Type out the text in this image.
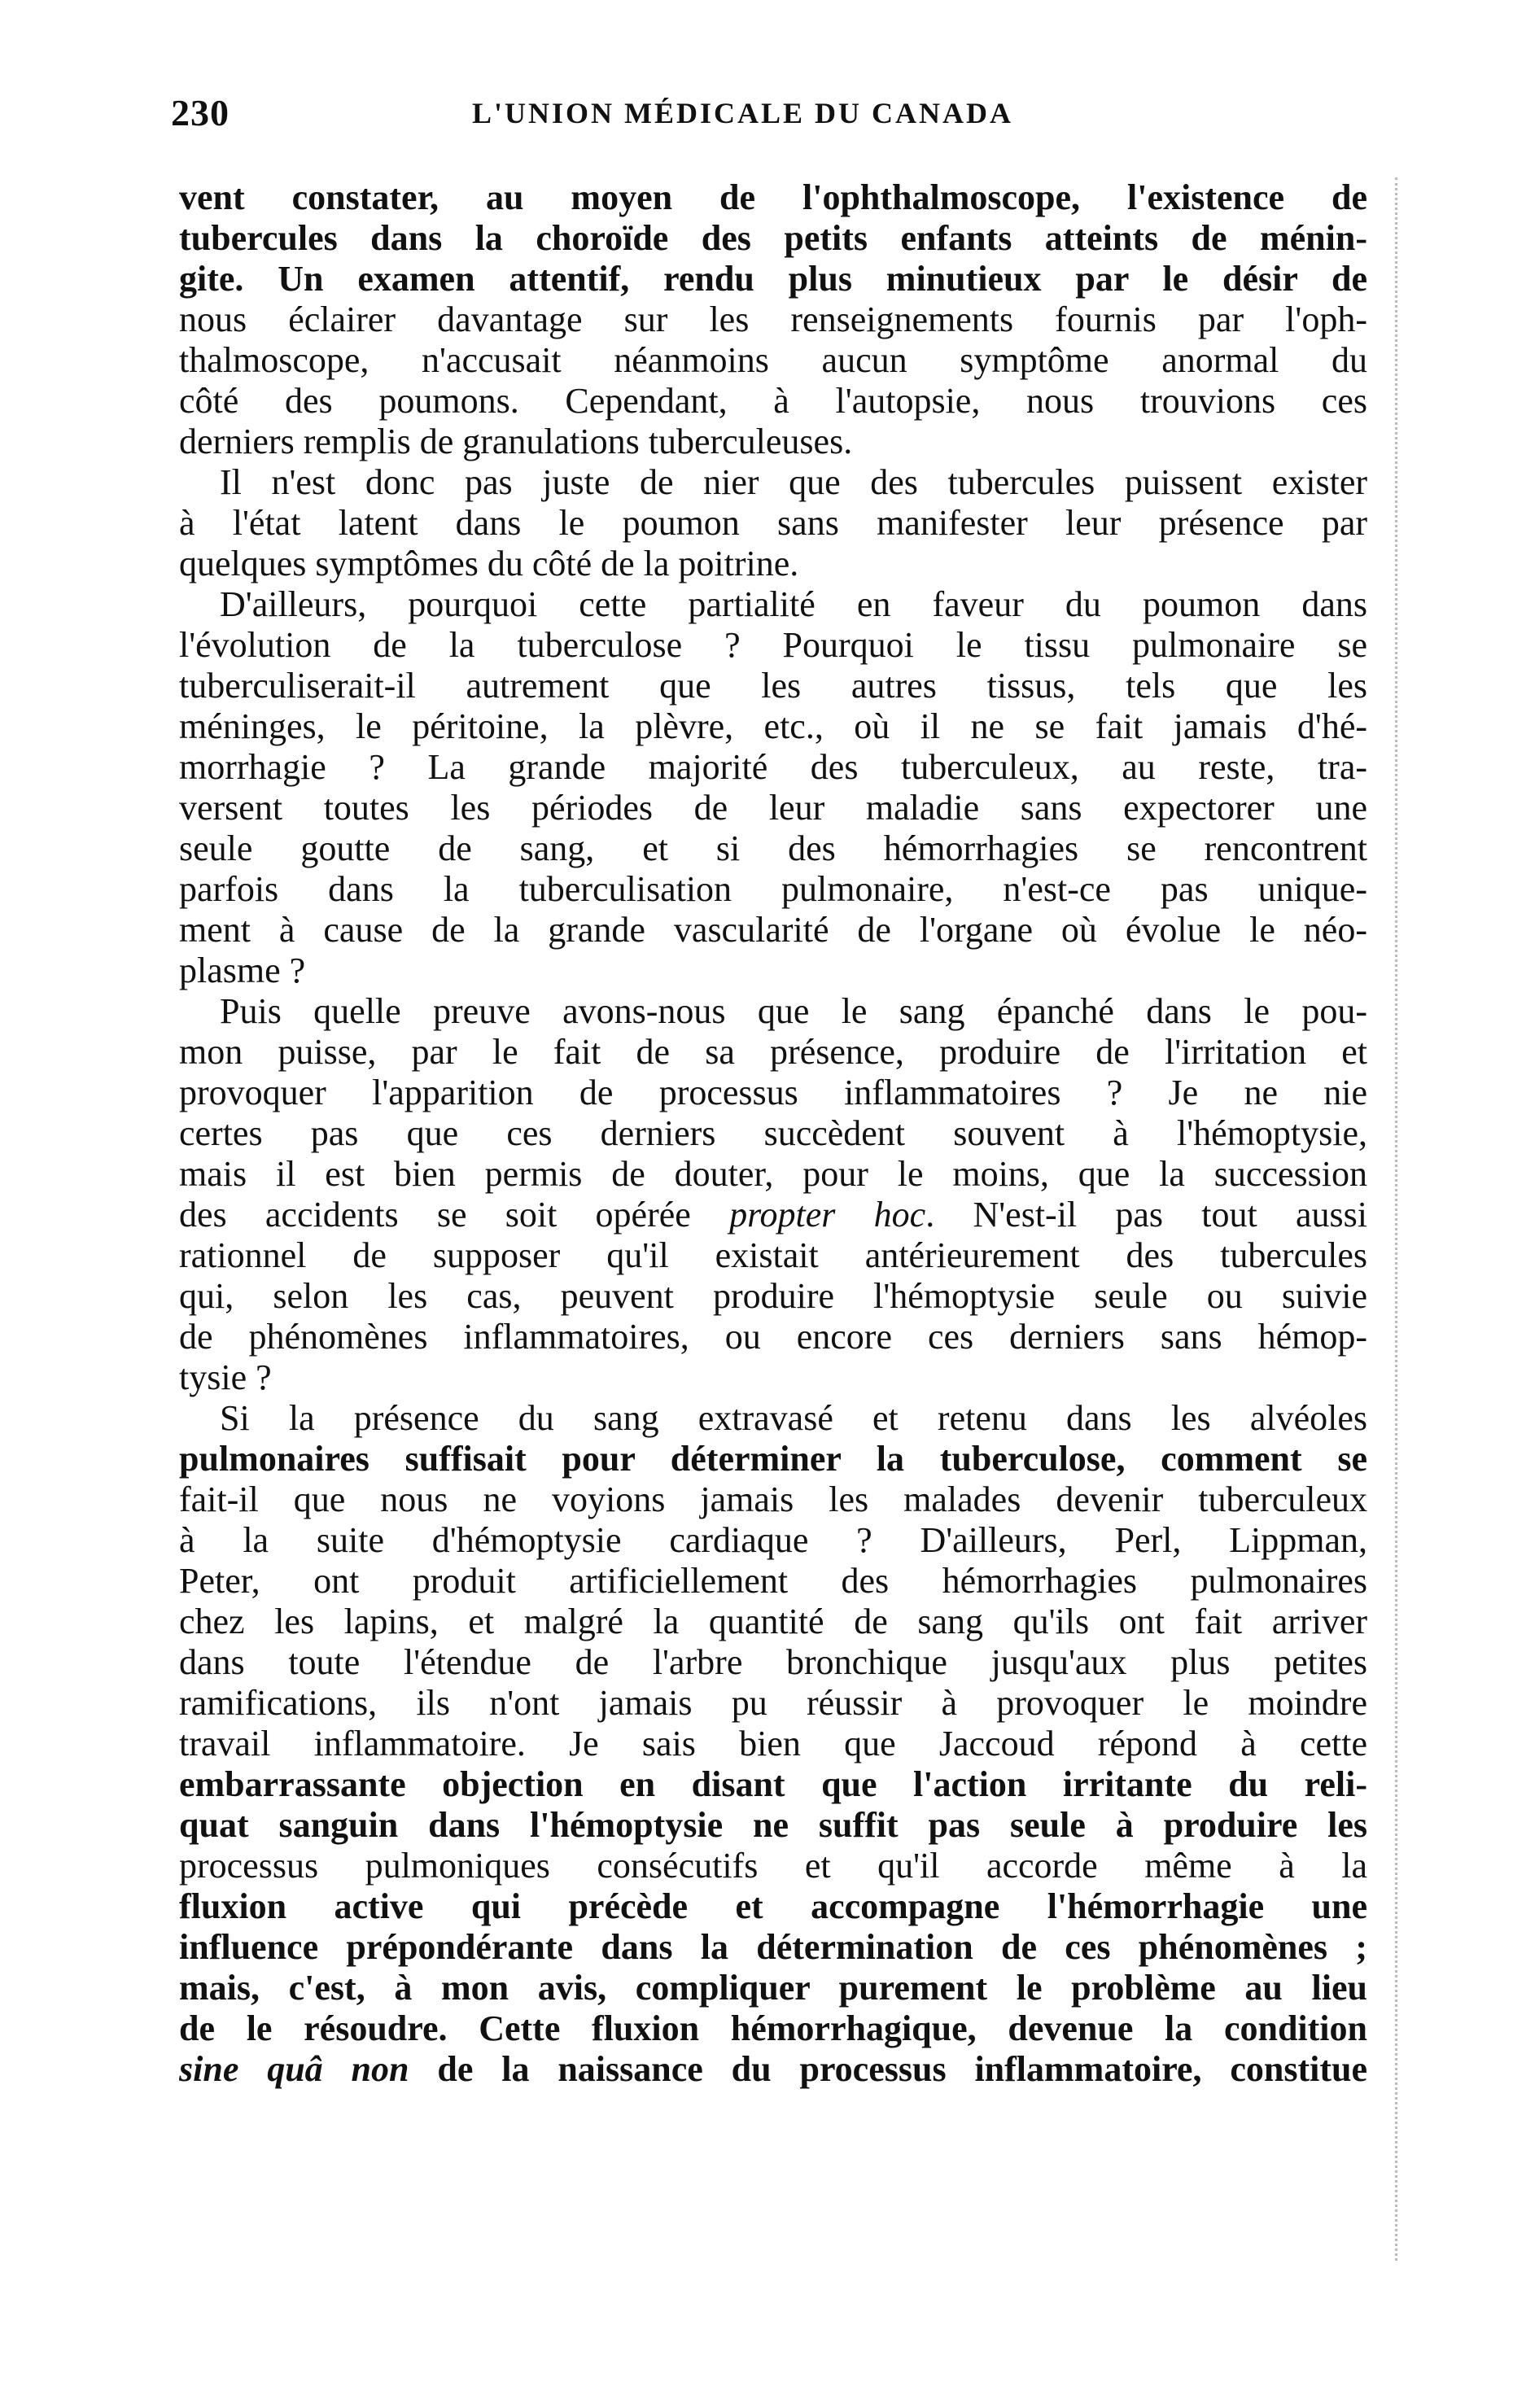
230	L'UNION MÉDICALE DU CANADA
vent constater, au moyen de l'ophthalmoscope, l'existence de
tubercules dans la choroïde des petits enfants atteints de ménin-
gite. Un examen attentif, rendu plus minutieux par le désir de
nous éclairer davantage sur les renseignements fournis par l'oph-
thalmoscope, n'accusait néanmoins aucun symptôme anormal du
côté des poumons. Cependant, à l'autopsie, nous trouvions ces
derniers remplis de granulations tuberculeuses.
Il n'est donc pas juste de nier que des tubercules puissent exister
à l'état latent dans le poumon sans manifester leur présence par
quelques symptômes du côté de la poitrine.
D'ailleurs, pourquoi cette partialité en faveur du poumon dans
l'évolution de la tuberculose ? Pourquoi le tissu pulmonaire se
tuberculiserait-il autrement que les autres tissus, tels que les
méninges, le péritoine, la plèvre, etc., où il ne se fait jamais d'hé-
morrhagie ? La grande majorité des tuberculeux, au reste, tra-
versent toutes les périodes de leur maladie sans expectorer une
seule goutte de sang, et si des hémorrhagies se rencontrent
parfois dans la tuberculisation pulmonaire, n'est-ce pas unique-
ment à cause de la grande vascularité de l'organe où évolue le néo-
plasme ?
Puis quelle preuve avons-nous que le sang épanché dans le pou-
mon puisse, par le fait de sa présence, produire de l'irritation et
provoquer l'apparition de processus inflammatoires ? Je ne nie
certes pas que ces derniers succèdent souvent à l'hémoptysie,
mais il est bien permis de douter, pour le moins, que la succession
des accidents se soit opérée propter hoc. N'est-il pas tout aussi
rationnel de supposer qu'il existait antérieurement des tubercules
qui, selon les cas, peuvent produire l'hémoptysie seule ou suivie
de phénomènes inflammatoires, ou encore ces derniers sans hémop-
tysie ?
Si la présence du sang extravasé et retenu dans les alvéoles
pulmonaires suffisait pour déterminer la tuberculose, comment se
fait-il que nous ne voyions jamais les malades devenir tuberculeux
à la suite d'hémoptysie cardiaque ? D'ailleurs, Perl, Lippman,
Peter, ont produit artificiellement des hémorrhagies pulmonaires
chez les lapins, et malgré la quantité de sang qu'ils ont fait arriver
dans toute l'étendue de l'arbre bronchique jusqu'aux plus petites
ramifications, ils n'ont jamais pu réussir à provoquer le moindre
travail inflammatoire. Je sais bien que Jaccoud répond à cette
embarrassante objection en disant que l'action irritante du reli-
quat sanguin dans l'hémoptysie ne suffit pas seule à produire les
processus pulmoniques consécutifs et qu'il accorde même à la
fluxion active qui précède et accompagne l'hémorrhagie une
influence prépondérante dans la détermination de ces phénomènes ;
mais, c'est, à mon avis, compliquer purement le problème au lieu
de le résoudre. Cette fluxion hémorrhagique, devenue la condition
sine quâ non de la naissance du processus inflammatoire, constitue
